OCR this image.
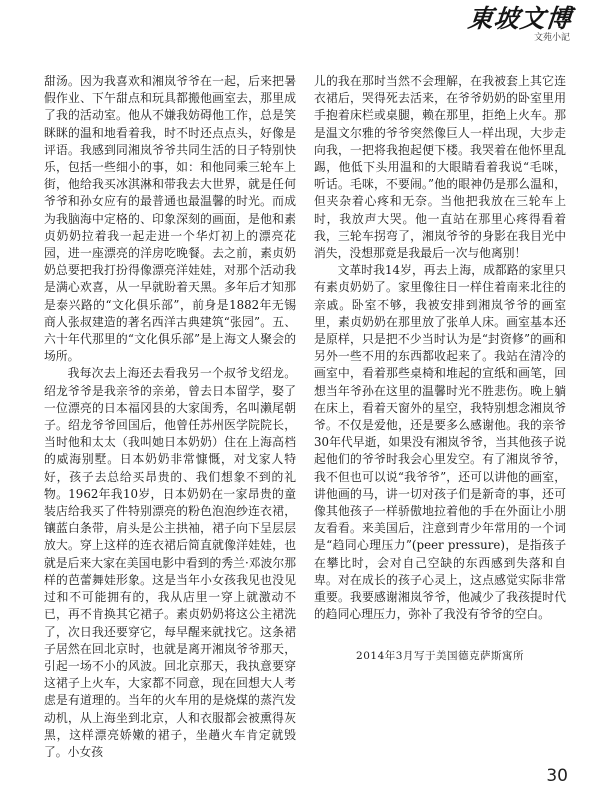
東坡文博
文苑小記

甜汤。因为我喜欢和湘岚爷爷在一起，后来把暑假作业、下午甜点和玩具都搬他画室去，那里成了我的活动室。他从不嫌我妨碍他工作，总是笑眯眯的温和地看着我，时不时还点点头，好像是评语。我感到同湘岚爷爷共同生活的日子特别快乐，包括一些细小的事，如：和他同乘三轮车上街，他给我买冰淇淋和带我去大世界，就是任何爷爷和孙女应有的最普通也最温馨的时光。而成为我脑海中定格的、印象深刻的画面，是他和素贞奶奶拉着我一起走进一个华灯初上的漂亮花园，进一座漂亮的洋房吃晚餐。去之前，素贞奶奶总要把我打扮得像漂亮洋娃娃，对那个活动我是满心欢喜，从一早就盼着天黑。多年后才知那是泰兴路的“文化俱乐部”，前身是1882年无锡商人张叔建造的著名西洋古典建筑“张园”。五、六十年代那里的“文化俱乐部”是上海文人聚会的场所。

我每次去上海还去看我另一个叔爷戈绍龙。绍龙爷爷是我亲爷的亲弟，曾去日本留学，娶了一位漂亮的日本福冈县的大家闺秀，名叫濑尾朝子。绍龙爷爷回国后，他曾任苏州医学院院长，当时他和太太（我叫她日本奶奶）住在上海高档的威海别墅。日本奶奶非常慷慨，对戈家人特好，孩子去总给买昂贵的、我们想象不到的礼物。1962年我10岁，日本奶奶在一家昂贵的童装店给我买了件特别漂亮的粉色泡泡纱连衣裙，镶蓝白条带，肩头是公主拱袖，裙子向下呈层层放大。穿上这样的连衣裙后简直就像洋娃娃，也就是后来大家在美国电影中看到的秀兰·邓波尔那样的芭蕾舞娃形象。这是当年小女孩我见也没见过和不可能拥有的，我从店里一穿上就激动不已，再不肯换其它裙子。素贞奶奶将这公主裙洗了，次日我还要穿它，每早醒来就找它。这条裙子居然在回北京时，也就是离开湘岚爷爷那天，引起一场不小的风波。回北京那天，我执意要穿这裙子上火车，大家都不同意，现在回想大人考虑是有道理的。当年的火车用的是烧煤的蒸汽发动机，从上海坐到北京，人和衣服都会被熏得灰黑，这样漂亮娇嫩的裙子，坐趟火车肯定就毁了。小女孩

儿的我在那时当然不会理解，在我被套上其它连衣裙后，哭得死去活来，在爷爷奶奶的卧室里用手抱着床栏或桌腿，赖在那里，拒绝上火车。那是温文尔雅的爷爷突然像巨人一样出现，大步走向我，一把将我抱起便下楼。我哭着在他怀里乱踢，他低下头用温和的大眼睛看着我说“毛咪，听话。毛咪，不要闹。”他的眼神仍是那么温和，但夹杂着心疼和无奈。当他把我放在三轮车上时，我放声大哭。他一直站在那里心疼得看着我，三轮车拐弯了，湘岚爷爷的身影在我目光中消失，没想那竟是我最后一次与他离别！

文革时我14岁，再去上海，成都路的家里只有素贞奶奶了。家里像往日一样住着南来北往的亲戚。卧室不够，我被安排到湘岚爷爷的画室里，素贞奶奶在那里放了张单人床。画室基本还是原样，只是把不少当时认为是“封资修”的画和另外一些不用的东西都收起来了。我站在清冷的画室中，看着那些桌椅和堆起的宣纸和画笔，回想当年爷孙在这里的温馨时光不胜悲伤。晚上躺在床上，看着天窗外的星空，我特别想念湘岚爷爷。不仅是爱他，还是要多么感谢他。我的亲爷30年代早逝，如果没有湘岚爷爷，当其他孩子说起他们的爷爷时我会心里发空。有了湘岚爷爷，我不但也可以说“我爷爷”，还可以讲他的画室，讲他画的马，讲一切对孩子们是新奇的事，还可像其他孩子一样骄傲地拉着他的手在外面让小朋友看看。来美国后，注意到青少年常用的一个词是“趋同心理压力”(peer pressure)，是指孩子在攀比时，会对自己空缺的东西感到失落和自卑。对在成长的孩子心灵上，这点感觉实际非常重要。我要感谢湘岚爷爷，他减少了我孩提时代的趋同心理压力，弥补了我没有爷爷的空白。

2014年3月写于美国德克萨斯寓所
30
